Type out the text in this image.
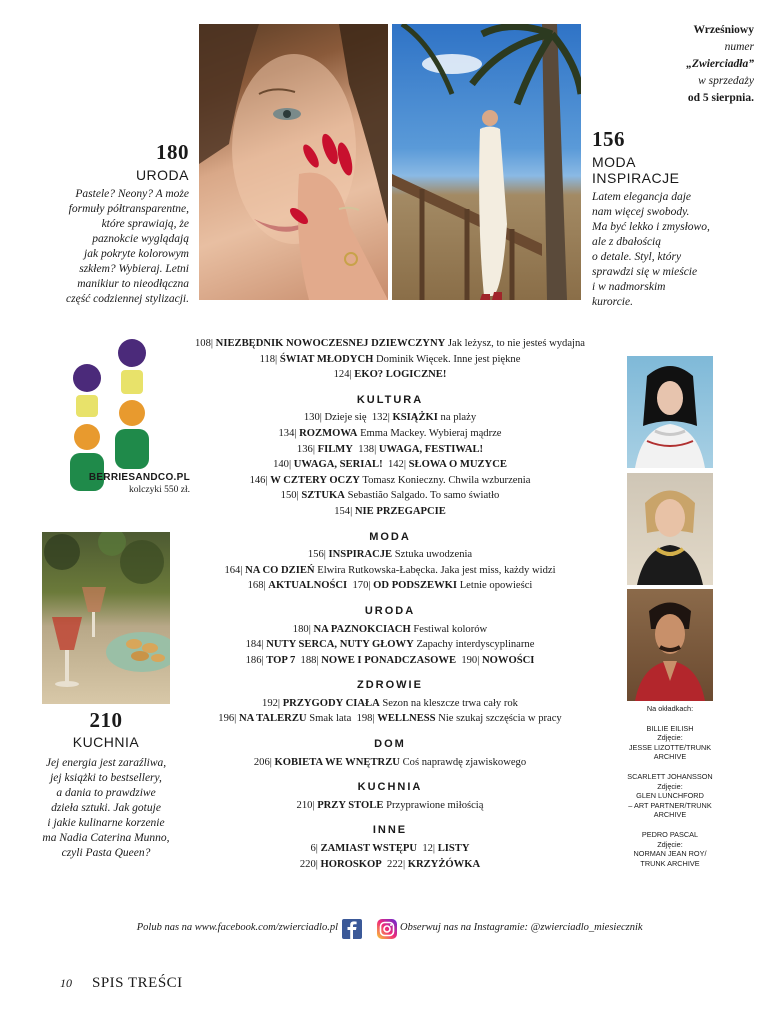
Wrześniowy
numer
„Zwierciadła”
w sprzedaży
od 5 sierpnia.
180
URODA
Pastele? Neony? A może
formuły półtransparentne,
które sprawiają, że
paznokcie wyglądają
jak pokryte kolorowym
szkłem? Wybieraj. Letni
manikiur to nieodłączna
część codziennej stylizacji.
156
MODA
INSPIRACJE
Latem elegancja daje
nam więcej swobody.
Ma być lekko i zmysłowo,
ale z dbałością
o detale. Styl, który
sprawdzi się w mieście
i w nadmorskim
kurorcie.
BERRIESANDCO.PL
kolczyki 550 zł.
210
KUCHNIA
Jej energia jest zaraźliwa,
jej książki to bestsellery,
a dania to prawdziwe
dzieła sztuki. Jak gotuje
i jakie kulinarne korzenie
ma Nadia Caterina Munno,
czyli Pasta Queen?
108| NIEZBĘDNIK NOWOCZESNEJ DZIEWCZYNY Jak leżysz, to nie jesteś wydajna
118| ŚWIAT MŁODYCH Dominik Więcek. Inne jest piękne
124| EKO? LOGICZNE!
KULTURA
130| Dzieje się 132| KSIĄŻKI na plaży
134| ROZMOWA Emma Mackey. Wybieraj mądrze
136| FILMY 138| UWAGA, FESTIWAL!
140| UWAGA, SERIAL! 142| SŁOWA O MUZYCE
146| W CZTERY OCZY Tomasz Konieczny. Chwila wzburzenia
150| SZTUKA Sebastião Salgado. To samo światło
154| NIE PRZEGAPCIE
MODA
156| INSPIRACJE Sztuka uwodzenia
164| NA CO DZIEŃ Elwira Rutkowska-Łabęcka. Jaka jest miss, każdy widzi
168| AKTUALNOŚCI 170| OD PODSZEWKI Letnie opowieści
URODA
180| NA PAZNOKCIACH Festiwal kolorów
184| NUTY SERCA, NUTY GŁOWY Zapachy interdyscyplinarne
186| TOP 7 188| NOWE I PONADCZASOWE 190| NOWOŚCI
ZDROWIE
192| PRZYGODY CIAŁA Sezon na kleszcze trwa cały rok
196| NA TALERZU Smak lata 198| WELLNESS Nie szukaj szczęścia w pracy
DOM
206| KOBIETA WE WNĘTRZU Coś naprawdę zjawiskowego
KUCHNIA
210| PRZY STOLE Przyprawione miłością
INNE
6| ZAMIAST WSTĘPU 12| LISTY
220| HOROSKOP 222| KRZYŻÓWKA
Na okładkach:
BILLIE EILISH
Zdjęcie:
JESSE LIZOTTE/TRUNK
ARCHIVE
SCARLETT JOHANSSON
Zdjęcie:
GLEN LUNCHFORD
– ART PARTNER/TRUNK
ARCHIVE
PEDRO PASCAL
Zdjęcie:
NORMAN JEAN ROY/
TRUNK ARCHIVE
Polub nas na www.facebook.com/zwierciadlo.pl	Obserwuj nas na Instagramie: @zwierciadlo_miesiecznik
10 SPIS TREŚCI
